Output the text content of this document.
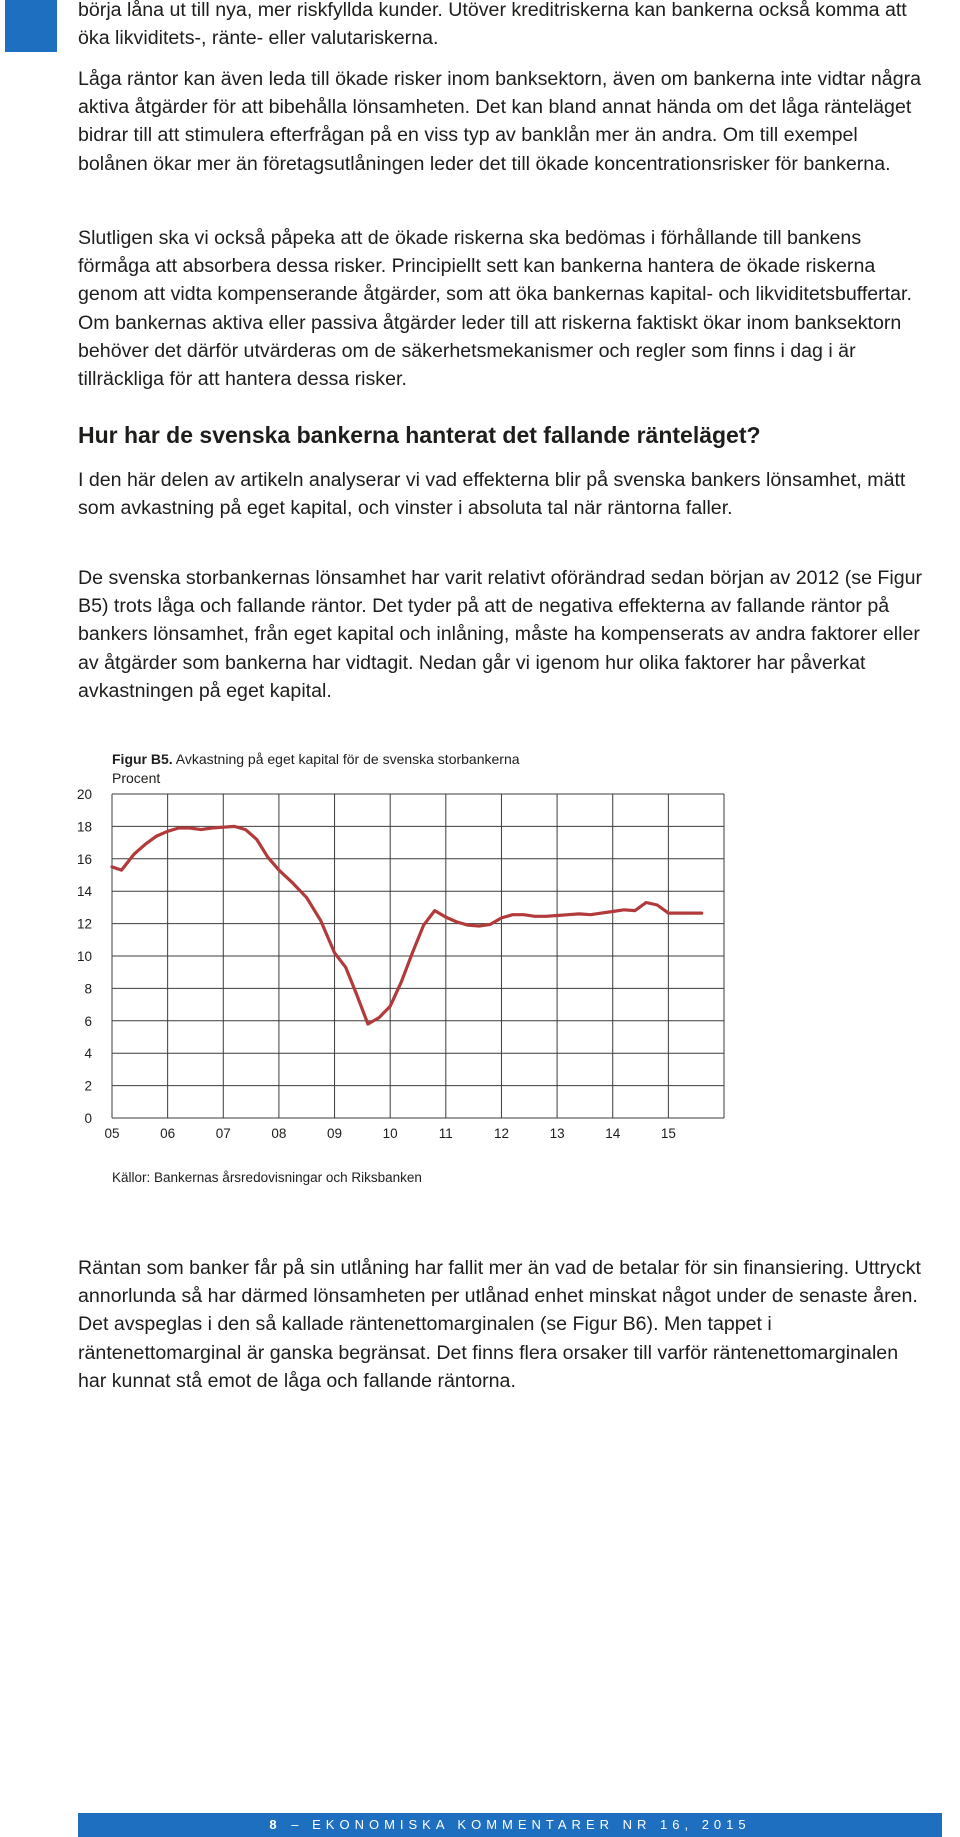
börja låna ut till nya, mer riskfyllda kunder. Utöver kreditriskerna kan bankerna också komma att öka likviditets-, ränte- eller valutariskerna.

Låga räntor kan även leda till ökade risker inom banksektorn, även om bankerna inte vidtar några aktiva åtgärder för att bibehålla lönsamheten. Det kan bland annat hända om det låga ränteläget bidrar till att stimulera efterfrågan på en viss typ av banklån mer än andra. Om till exempel bolånen ökar mer än företagsutlåningen leder det till ökade koncentrationsrisker för bankerna.

Slutligen ska vi också påpeka att de ökade riskerna ska bedömas i förhållande till bankens förmåga att absorbera dessa risker. Principiellt sett kan bankerna hantera de ökade riskerna genom att vidta kompenserande åtgärder, som att öka bankernas kapital- och likviditetsbuffertar. Om bankernas aktiva eller passiva åtgärder leder till att riskerna faktiskt ökar inom banksektorn behöver det därför utvärderas om de säkerhetsmekanismer och regler som finns i dag i är tillräckliga för att hantera dessa risker.

Hur har de svenska bankerna hanterat det fallande ränteläget?

I den här delen av artikeln analyserar vi vad effekterna blir på svenska bankers lönsamhet, mätt som avkastning på eget kapital, och vinster i absoluta tal när räntorna faller.

De svenska storbankernas lönsamhet har varit relativt oförändrad sedan början av 2012 (se Figur B5) trots låga och fallande räntor. Det tyder på att de negativa effekterna av fallande räntor på bankers lönsamhet, från eget kapital och inlåning, måste ha kompenserats av andra faktorer eller av åtgärder som bankerna har vidtagit. Nedan går vi igenom hur olika faktorer har påverkat avkastningen på eget kapital.

Figur B5. Avkastning på eget kapital för de svenska storbankerna

Procent
0
2
4
6
8
10
12
14
16
18
20
05	06	07	08	09	10	11	12	13	14	15
Källor: Bankernas årsredovisningar och Riksbanken

Räntan som banker får på sin utlåning har fallit mer än vad de betalar för sin finansiering. Uttryckt annorlunda så har därmed lönsamheten per utlånad enhet minskat något under de senaste åren. Det avspeglas i den så kallade räntenettomarginalen (se Figur B6). Men tappet i räntenettomarginal är ganska begränsat. Det finns flera orsaker till varför räntenettomarginalen har kunnat stå emot de låga och fallande räntorna.

8 – EKONOMISKA KOMMENTARER NR 16, 2015
